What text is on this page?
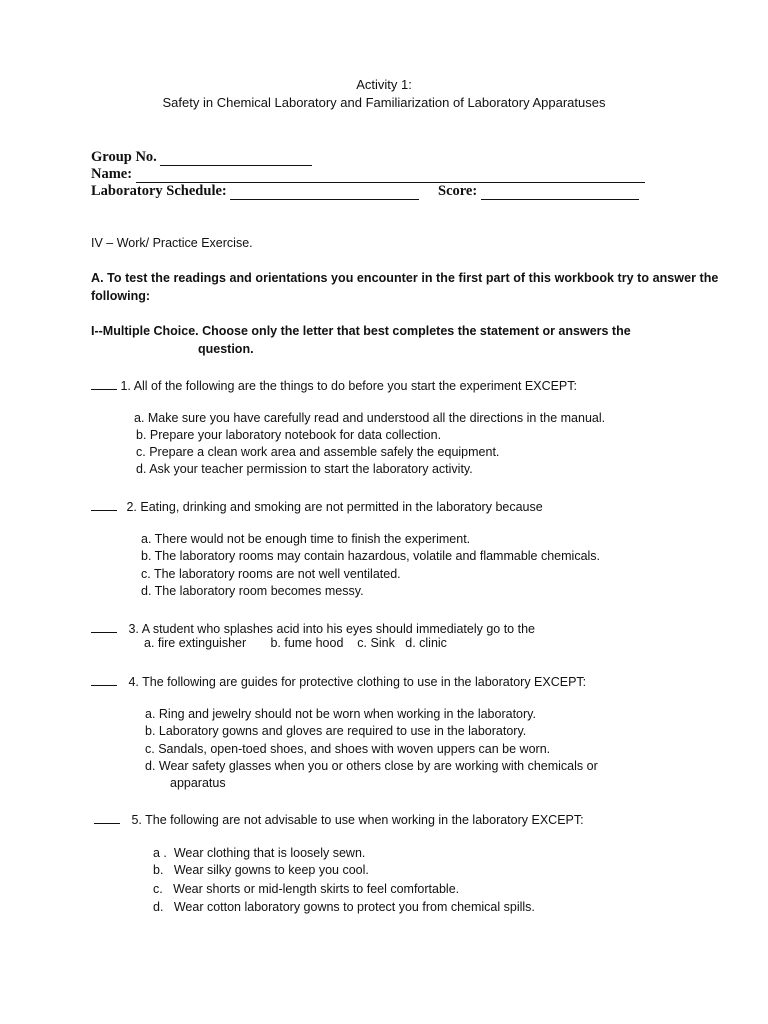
Activity 1:
Safety in Chemical Laboratory and Familiarization of Laboratory Apparatuses
Group No.
Name:
Laboratory Schedule:	Score:
IV – Work/ Practice Exercise.
A. To test the readings and orientations you encounter in the first part of this workbook try to answer the
following:
I--Multiple Choice. Choose only the letter that best completes the statement or answers the
question.
1. All of the following are the things to do before you start the experiment EXCEPT:
a. Make sure you have carefully read and understood all the directions in the manual.
b. Prepare your laboratory notebook for data collection.
c. Prepare a clean work area and assemble safely the equipment.
d. Ask your teacher permission to start the laboratory activity.
2. Eating, drinking and smoking are not permitted in the laboratory because
a. There would not be enough time to finish the experiment.
b. The laboratory rooms may contain hazardous, volatile and flammable chemicals.
c. The laboratory rooms are not well ventilated.
d. The laboratory room becomes messy.
3. A student who splashes acid into his eyes should immediately go to the
a. fire extinguisher       b. fume hood    c. Sink   d. clinic
4. The following are guides for protective clothing to use in the laboratory EXCEPT:
a. Ring and jewelry should not be worn when working in the laboratory.
b. Laboratory gowns and gloves are required to use in the laboratory.
c. Sandals, open-toed shoes, and shoes with woven uppers can be worn.
d. Wear safety glasses when you or others close by are working with chemicals or
apparatus
5. The following are not advisable to use when working in the laboratory EXCEPT:
a .  Wear clothing that is loosely sewn.
b.   Wear silky gowns to keep you cool.
c.   Wear shorts or mid-length skirts to feel comfortable.
d.   Wear cotton laboratory gowns to protect you from chemical spills.
